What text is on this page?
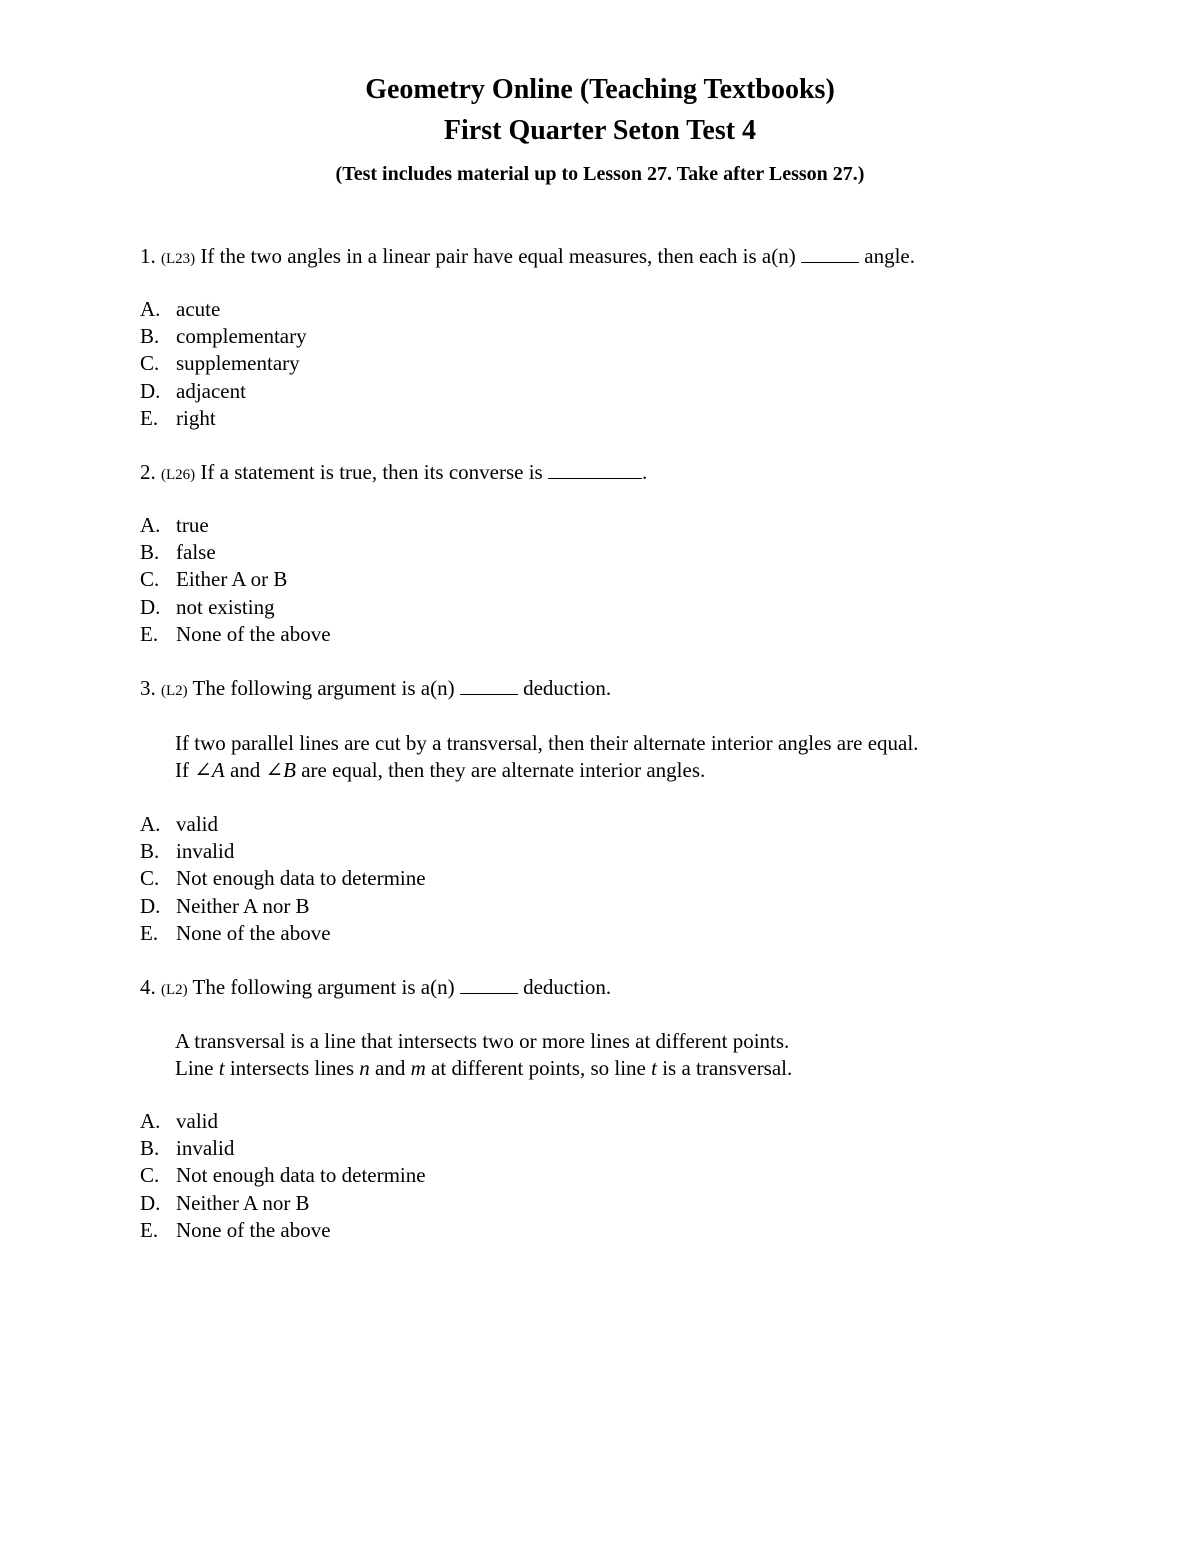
Geometry Online (Teaching Textbooks)
First Quarter Seton Test 4
(Test includes material up to Lesson 27. Take after Lesson 27.)
1. (L23) If the two angles in a linear pair have equal measures, then each is a(n)	angle.
A. acute
B. complementary
C. supplementary
D. adjacent
E. right
2. (L26) If a statement is true, then its converse is	.
A. true
B. false
C. Either A or B
D. not existing
E. None of the above
3. (L2) The following argument is a(n)	deduction.
If two parallel lines are cut by a transversal, then their alternate interior angles are equal.
If ∠A and ∠B are equal, then they are alternate interior angles.
A. valid
B. invalid
C. Not enough data to determine
D. Neither A nor B
E. None of the above
4. (L2) The following argument is a(n)	deduction.
A transversal is a line that intersects two or more lines at different points.
Line t intersects lines n and m at different points, so line t is a transversal.
A. valid
B. invalid
C. Not enough data to determine
D. Neither A nor B
E. None of the above
